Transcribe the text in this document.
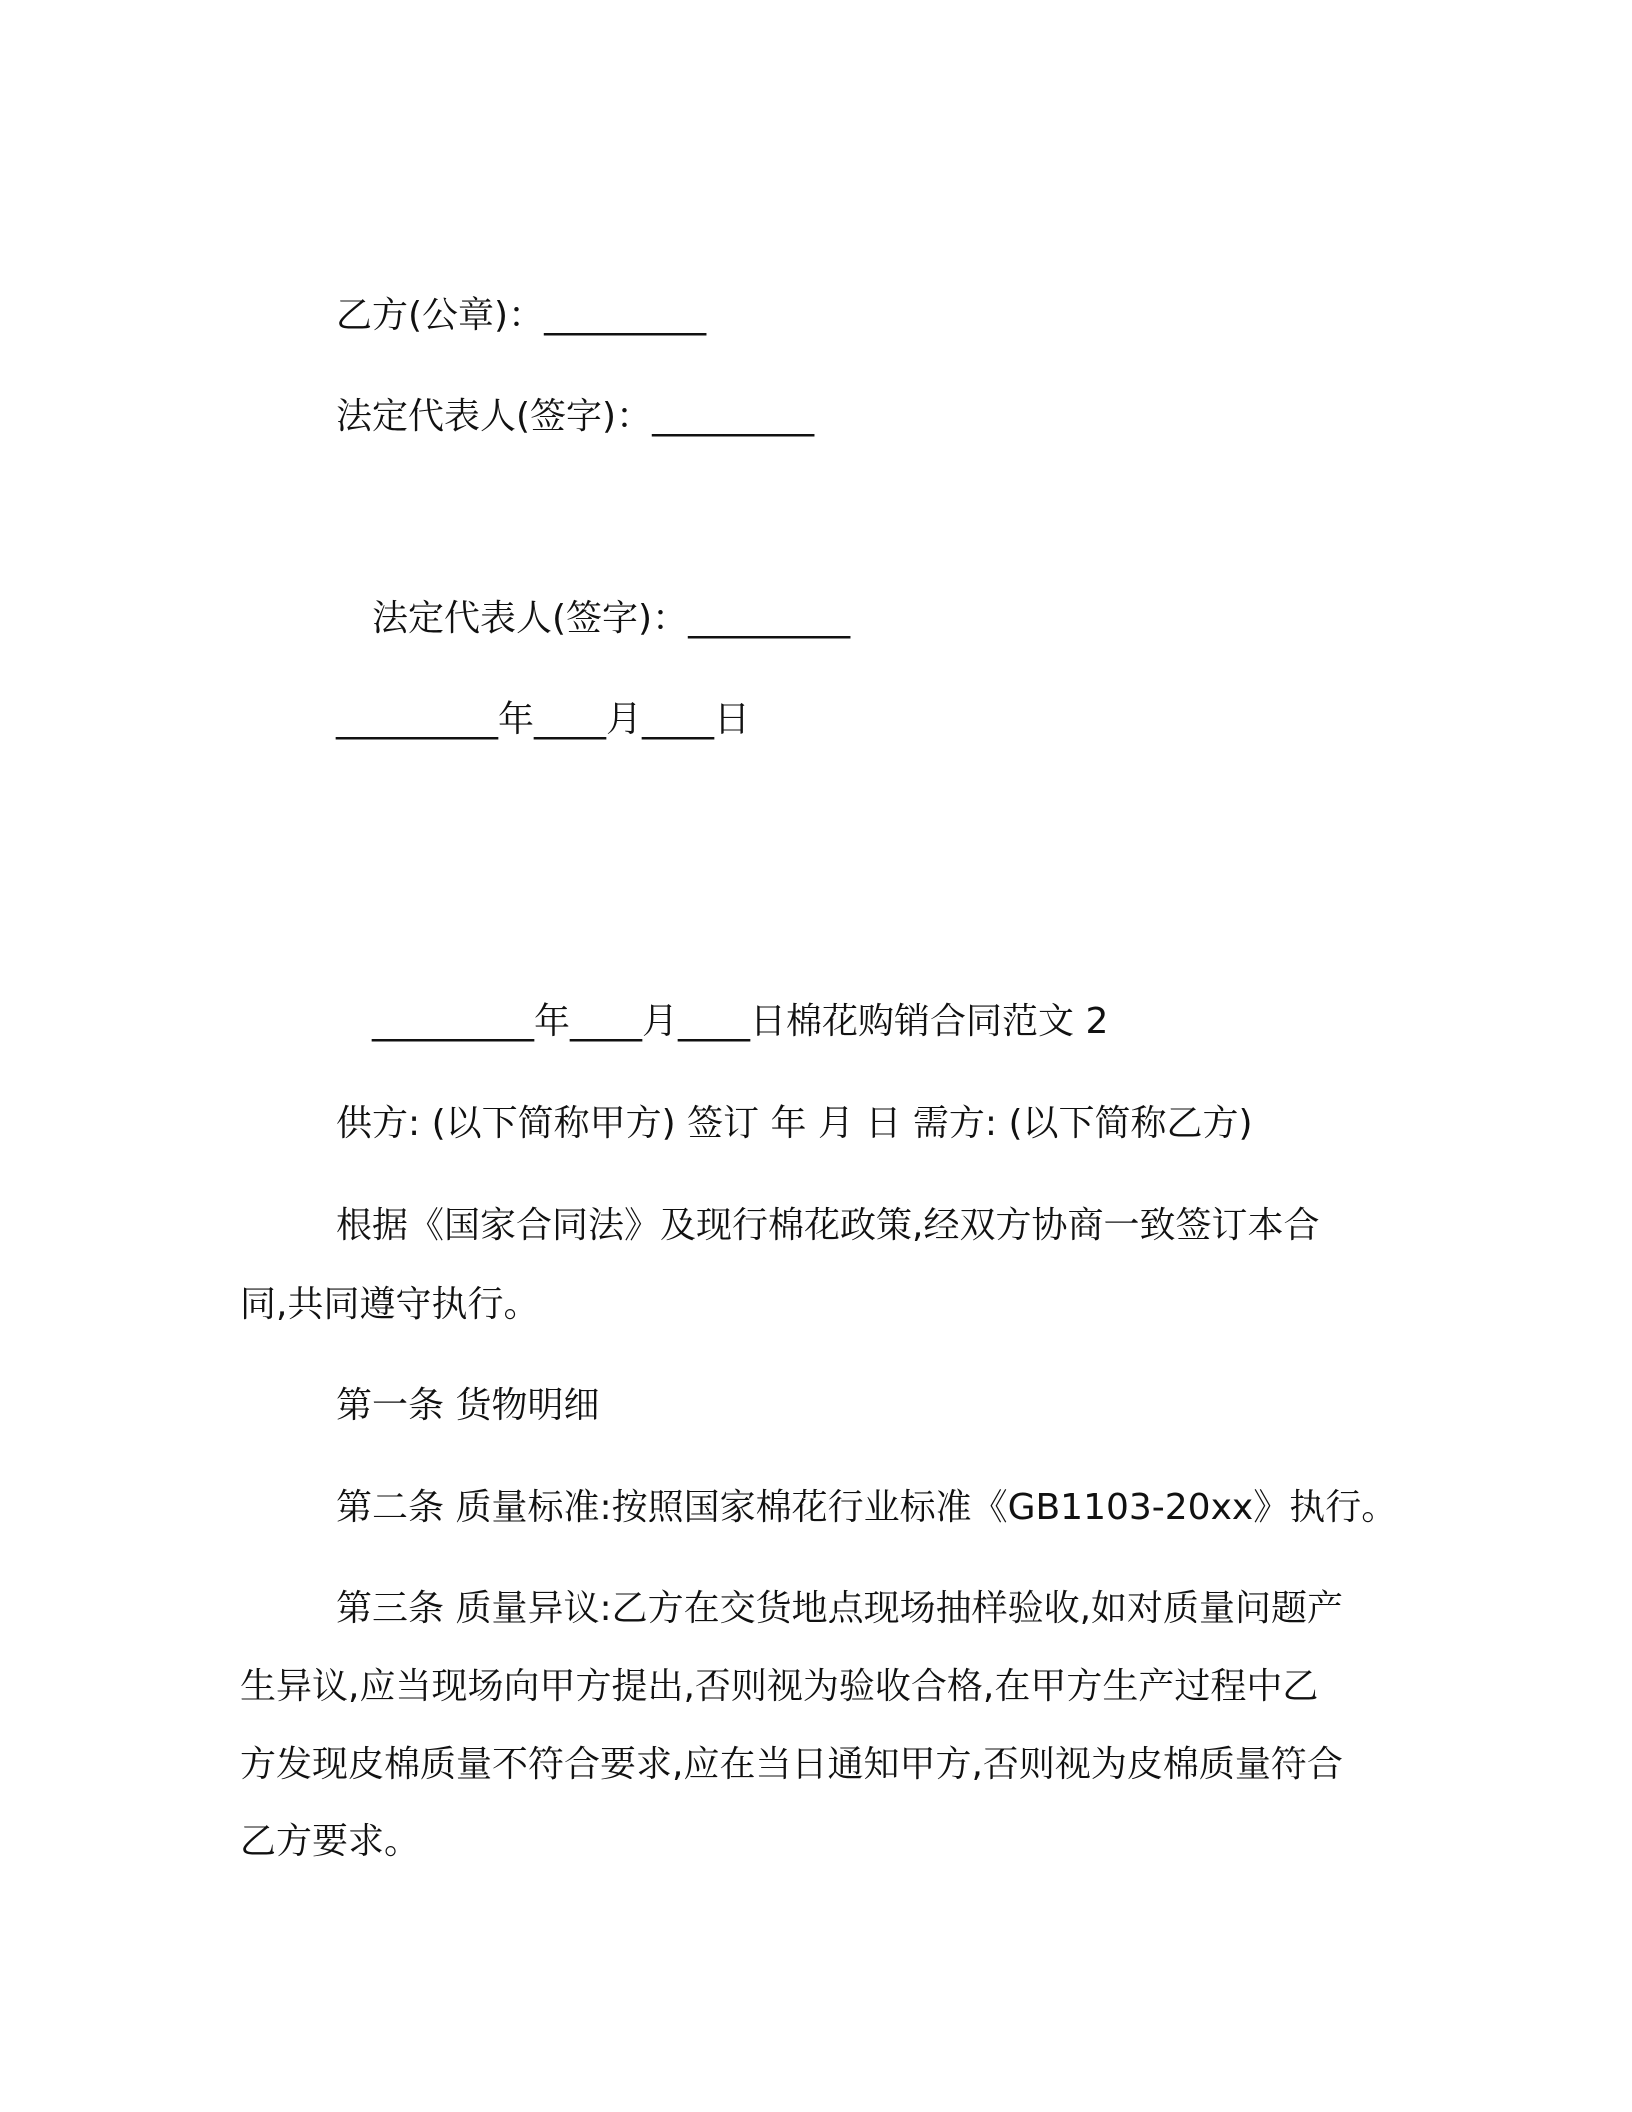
乙方(公章)：_________

法定代表人(签字)：_________

法定代表人(签字)：_________

_________年____月____日

_________年____月____日棉花购销合同范文 2

供方: (以下简称甲方) 签订 年 月 日 需方: (以下简称乙方)

根据《国家合同法》及现行棉花政策,经双方协商一致签订本合

同,共同遵守执行。

第一条 货物明细

第二条 质量标准:按照国家棉花行业标准《GB1103-20xx》执行。

第三条 质量异议:乙方在交货地点现场抽样验收,如对质量问题产

生异议,应当现场向甲方提出,否则视为验收合格,在甲方生产过程中乙

方发现皮棉质量不符合要求,应在当日通知甲方,否则视为皮棉质量符合

乙方要求。
